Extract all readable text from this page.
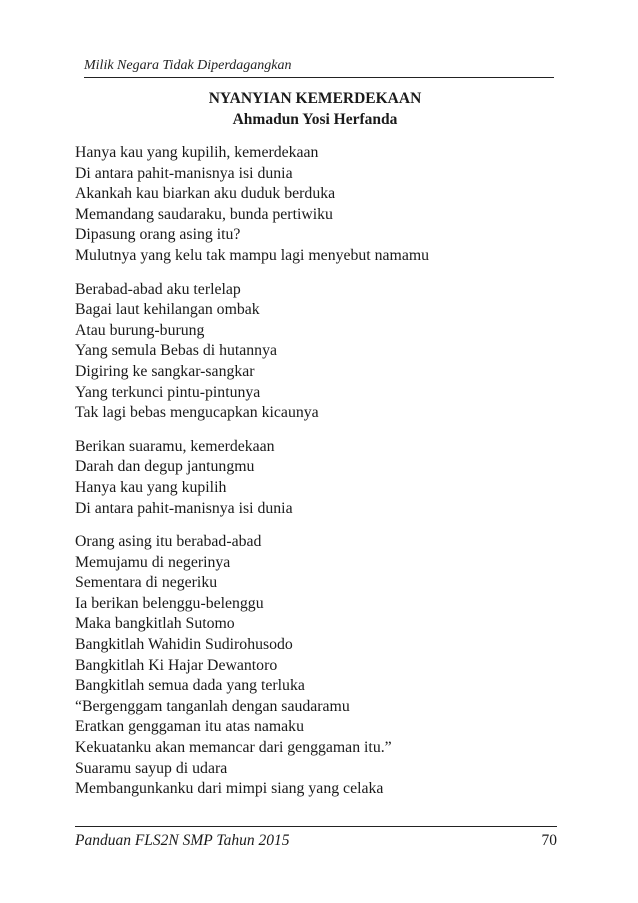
Milik Negara Tidak Diperdagangkan
NYANYIAN KEMERDEKAAN
Ahmadun Yosi Herfanda
Hanya kau yang kupilih, kemerdekaan
Di antara pahit-manisnya isi dunia
Akankah kau biarkan aku duduk berduka
Memandang saudaraku, bunda pertiwiku
Dipasung orang asing itu?
Mulutnya yang kelu tak mampu lagi menyebut namamu
Berabad-abad aku terlelap
Bagai laut kehilangan ombak
Atau burung-burung
Yang semula Bebas di hutannya
Digiring ke sangkar-sangkar
Yang terkunci pintu-pintunya
Tak lagi bebas mengucapkan kicaunya
Berikan suaramu, kemerdekaan
Darah dan degup jantungmu
Hanya kau yang kupilih
Di antara pahit-manisnya isi dunia
Orang asing itu berabad-abad
Memujamu di negerinya
Sementara di negeriku
Ia berikan belenggu-belenggu
Maka bangkitlah Sutomo
Bangkitlah Wahidin Sudirohusodo
Bangkitlah Ki Hajar Dewantoro
Bangkitlah semua dada yang terluka
“Bergenggam tanganlah dengan saudaramu
Eratkan genggaman itu atas namaku
Kekuatanku akan memancar dari genggaman itu.”
Suaramu sayup di udara
Membangunkanku dari mimpi siang yang celaka
Panduan FLS2N SMP Tahun 2015	70
